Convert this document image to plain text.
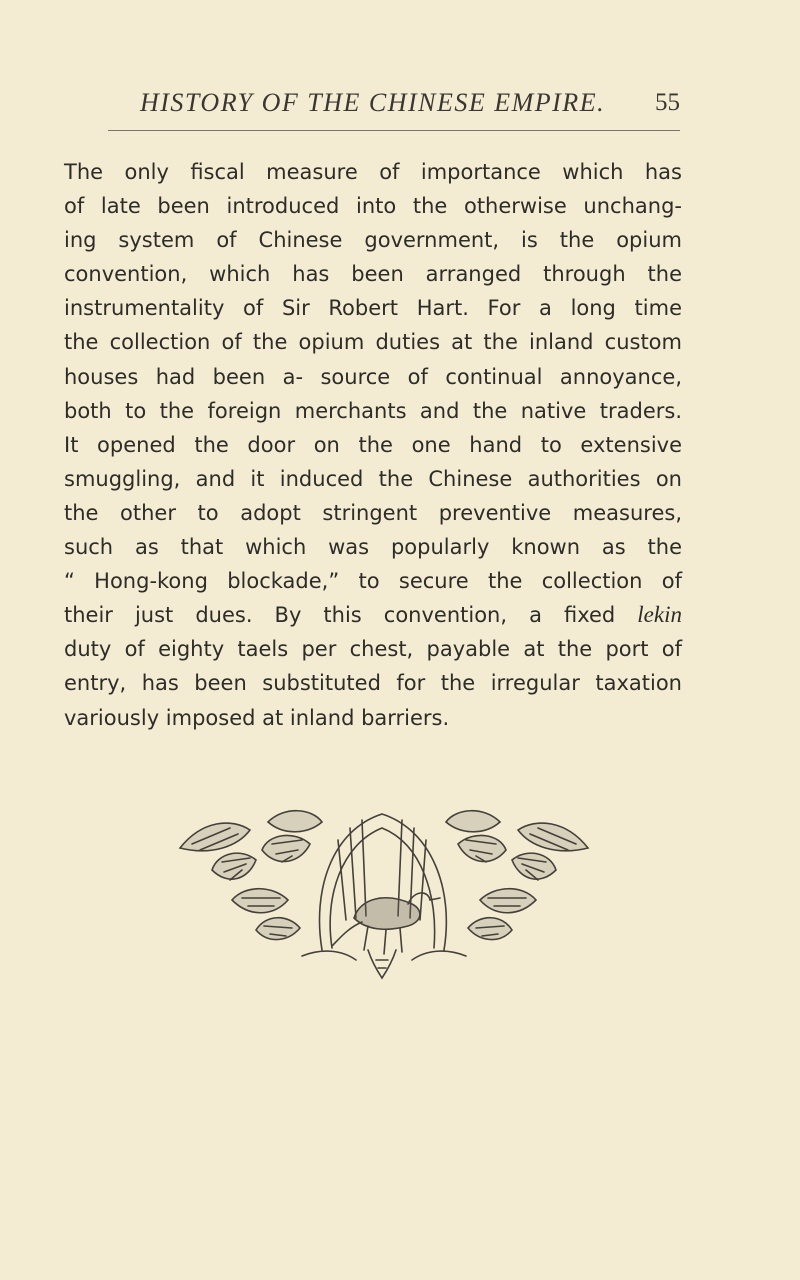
HISTORY OF THE CHINESE EMPIRE. 55
The only fiscal measure of importance which has
of late been introduced into the otherwise unchang-
ing system of Chinese government, is the opium
convention, which has been arranged through the
instrumentality of Sir Robert Hart. For a long time
the collection of the opium duties at the inland custom
houses had been a- source of continual annoyance,
both to the foreign merchants and the native traders.
It opened the door on the one hand to extensive
smuggling, and it induced the Chinese authorities on
the other to adopt stringent preventive measures,
such as that which was popularly known as the
“ Hong-kong blockade,” to secure the collection of
their just dues. By this convention, a fixed lekin
duty of eighty taels per chest, payable at the port of
entry, has been substituted for the irregular taxation
variously imposed at inland barriers.
